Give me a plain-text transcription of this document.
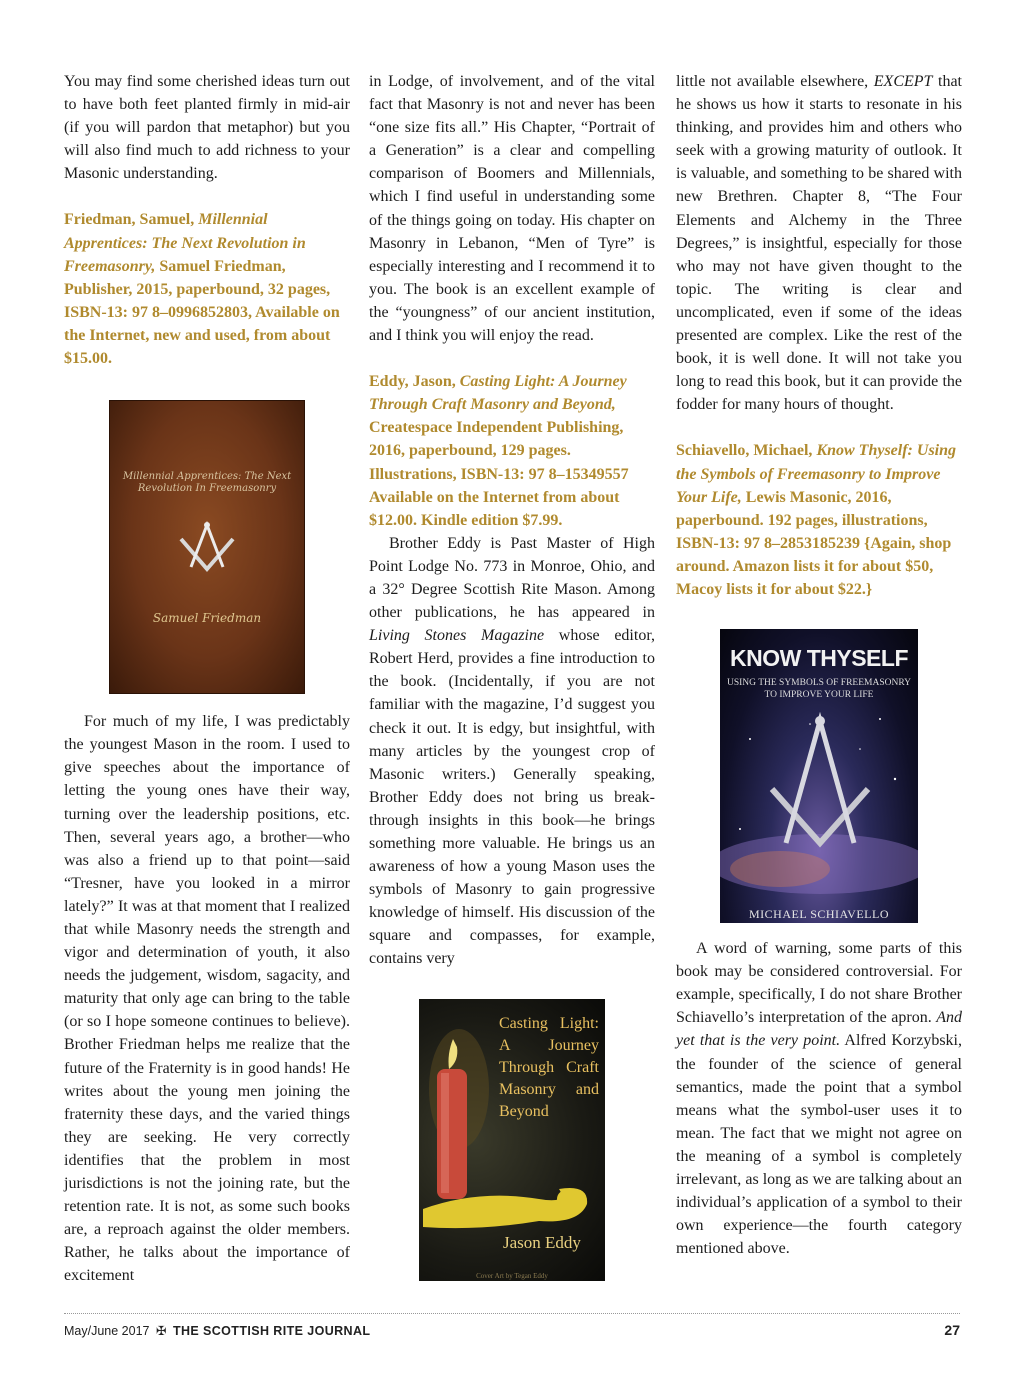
You may find some cherished ideas turn out to have both feet planted firmly in mid-air (if you will pardon that metaphor) but you will also find much to add richness to your Masonic understanding.

Friedman, Samuel, Millennial Apprentices: The Next Revolution in Freemasonry, Samuel Friedman, Publisher, 2015, paperbound, 32 pages, ISBN-13: 97 8–0996852803, Available on the Internet, new and used, from about $15.00.

Millennial Apprentices: The Next Revolution In Freemasonry
Samuel Friedman

For much of my life, I was predictably the youngest Mason in the room. I used to give speeches about the importance of letting the young ones have their way, turning over the leadership positions, etc. Then, several years ago, a brother—who was also a friend up to that point—said “Tresner, have you looked in a mirror lately?” It was at that moment that I realized that while Masonry needs the strength and vigor and determination of youth, it also needs the judgement, wisdom, sagacity, and maturity that only age can bring to the table (or so I hope someone continues to believe). Brother Friedman helps me realize that the future of the Fraternity is in good hands! He writes about the young men joining the fraternity these days, and the varied things they are seeking. He very correctly identifies that the problem in most jurisdictions is not the joining rate, but the retention rate. It is not, as some such books are, a reproach against the older members. Rather, he talks about the importance of excitement

in Lodge, of involvement, and of the vital fact that Masonry is not and never has been “one size fits all.” His Chapter, “Portrait of a Generation” is a clear and compelling comparison of Boomers and Millennials, which I find useful in understanding some of the things going on today. His chapter on Masonry in Lebanon, “Men of Tyre” is especially interesting and I recommend it to you. The book is an excellent example of the “youngness” of our ancient institution, and I think you will enjoy the read.

Eddy, Jason, Casting Light: A Journey Through Craft Masonry and Beyond, Createspace Independent Publishing, 2016, paperbound, 129 pages. Illustrations, ISBN-13: 97 8–15349557 Available on the Internet from about $12.00. Kindle edition $7.99.

Brother Eddy is Past Master of High Point Lodge No. 773 in Monroe, Ohio, and a 32° Degree Scottish Rite Mason. Among other publications, he has appeared in Living Stones Magazine whose editor, Robert Herd, provides a fine introduction to the book. (Incidentally, if you are not familiar with the magazine, I’d suggest you check it out. It is edgy, but insightful, with many articles by the youngest crop of Masonic writers.) Generally speaking, Brother Eddy does not bring us break-through insights in this book—he brings something more valuable. He brings us an awareness of how a young Mason uses the symbols of Masonry to gain progressive knowledge of himself. His discussion of the square and compasses, for example, contains very

Casting Light: A Journey Through Craft Masonry and Beyond
Jason Eddy
Cover Art by Tegan Eddy

little not available elsewhere, EXCEPT that he shows us how it starts to resonate in his thinking, and provides him and others who seek with a growing maturity of outlook. It is valuable, and something to be shared with new Brethren. Chapter 8, “The Four Elements and Alchemy in the Three Degrees,” is insightful, especially for those who may not have given thought to the topic. The writing is clear and uncomplicated, even if some of the ideas presented are complex. Like the rest of the book, it is well done. It will not take you long to read this book, but it can provide the fodder for many hours of thought.

Schiavello, Michael, Know Thyself: Using the Symbols of Freemasonry to Improve Your Life, Lewis Masonic, 2016, paperbound. 192 pages, illustrations, ISBN-13: 97 8–2853185239 {Again, shop around. Amazon lists it for about $50, Macoy lists it for about $22.}

KNOW THYSELF
USING THE SYMBOLS OF FREEMASONRY TO IMPROVE YOUR LIFE
MICHAEL SCHIAVELLO

A word of warning, some parts of this book may be considered controversial. For example, specifically, I do not share Brother Schiavello’s interpretation of the apron. And yet that is the very point. Alfred Korzybski, the founder of the science of general semantics, made the point that a symbol means what the symbol-user uses it to mean. The fact that we might not agree on the meaning of a symbol is completely irrelevant, as long as we are talking about an individual’s application of a symbol to their own experience—the fourth category mentioned above.

May/June 2017 ✠ THE SCOTTISH RITE JOURNAL	27
